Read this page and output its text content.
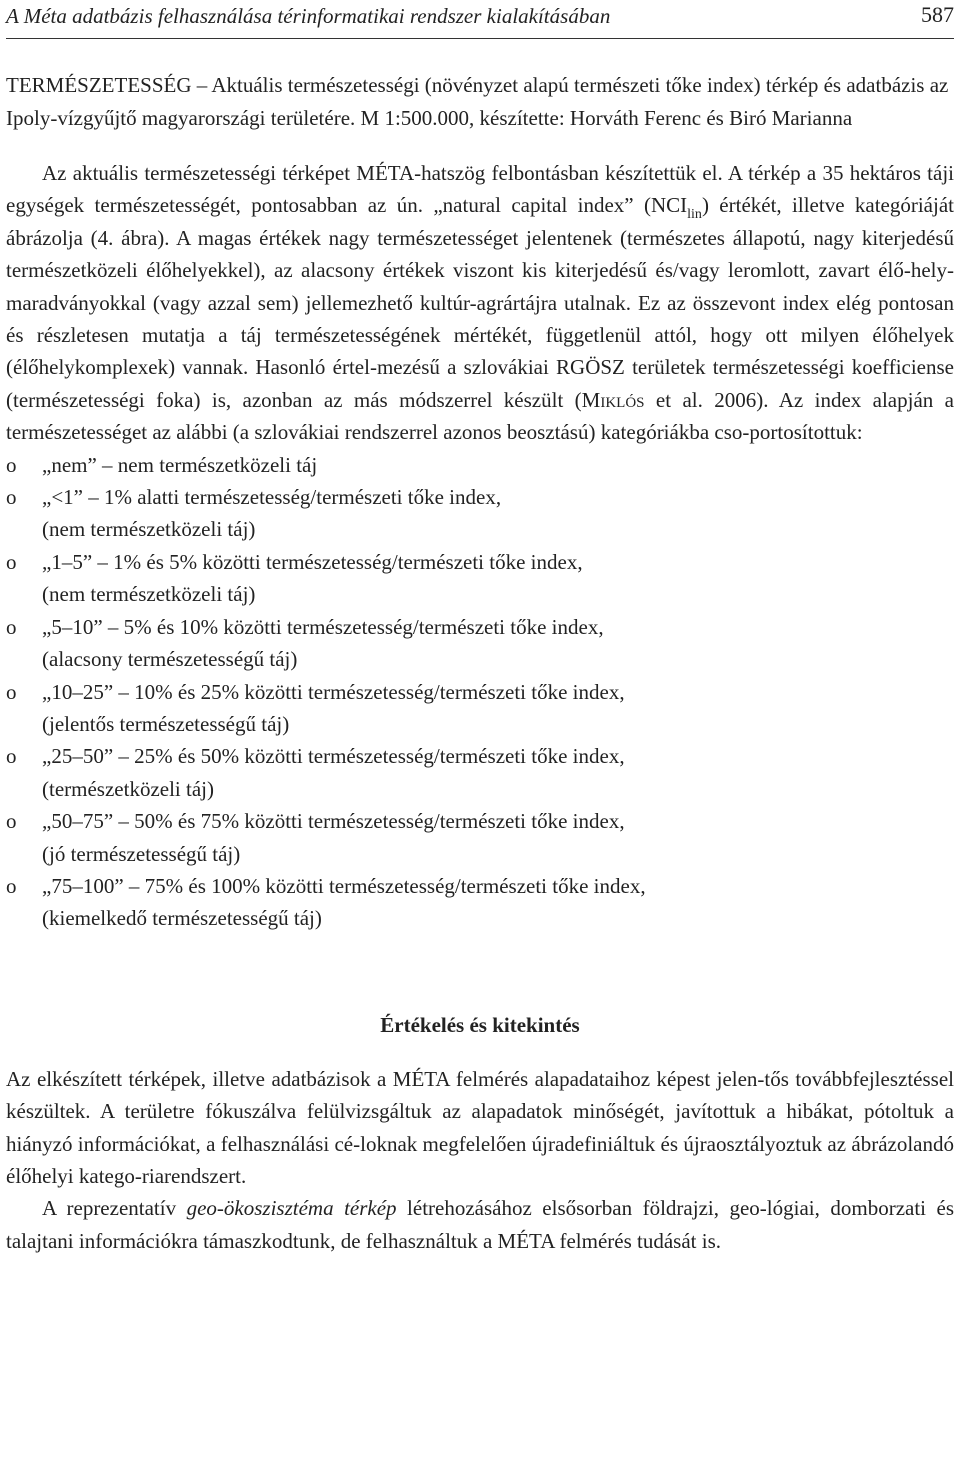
A Méta adatbázis felhasználása térinformatikai rendszer kialakításában	587
TERMÉSZETESSÉG – Aktuális természetességi (növényzet alapú természeti tőke index) térkép és adatbázis az Ipoly-vízgyűjtő magyarországi területére. M 1:500.000, készítette: Horváth Ferenc és Biró Marianna

Az aktuális természetességi térképet MÉTA-hatszög felbontásban készítettük el. A térkép a 35 hektáros táji egységek természetességét, pontosabban az ún. „natural capital index” $(NCI_{lin})$ értékét, illetve kategóriáját ábrázolja (4. ábra). A magas értékek nagy természetességet jelentenek (természetes állapotú, nagy kiterjedésű természetközeli élőhelyekkel), az alacsony értékek viszont kis kiterjedésű és/vagy leromlott, zavart élő-hely-maradványokkal (vagy azzal sem) jellemezhető kultúr-agrártájra utalnak. Ez az összevont index elég pontosan és részletesen mutatja a táj természetességének mértékét, függetlenül attól, hogy ott milyen élőhelyek (élőhelykomplexek) vannak. Hasonló értel-mezésű a szlovákiai RGÖSZ területek természetességi koefficiense (természetességi foka) is, azonban az más módszerrel készült (Miklós et al. 2006). Az index alapján a természetességet az alábbi (a szlovákiai rendszerrel azonos beosztású) kategóriákba cso-portosítottuk:

o „nem” – nem természetközeli táj
o „<1” – 1% alatti természetesség/természeti tőke index,
(nem természetközeli táj)
o „1–5” – 1% és 5% közötti természetesség/természeti tőke index,
(nem természetközeli táj)
o „5–10” – 5% és 10% közötti természetesség/természeti tőke index,
(alacsony természetességű táj)
o „10–25” – 10% és 25% közötti természetesség/természeti tőke index,
(jelentős természetességű táj)
o „25–50” – 25% és 50% közötti természetesség/természeti tőke index,
(természetközeli táj)
o „50–75” – 50% és 75% közötti természetesség/természeti tőke index,
(jó természetességű táj)
o „75–100” – 75% és 100% közötti természetesség/természeti tőke index,
(kiemelkedő természetességű táj)
Értékelés és kitekintés

Az elkészített térképek, illetve adatbázisok a MÉTA felmérés alapadataihoz képest jelen-tős továbbfejlesztéssel készültek. A területre fókuszálva felülvizsgáltuk az alapadatok minőségét, javítottuk a hibákat, pótoltuk a hiányzó információkat, a felhasználási cé-loknak megfelelően újradefiniáltuk és újraosztályoztuk az ábrázolandó élőhelyi katego-riarendszert.

A reprezentatív geo-ökoszisztéma térkép létrehozásához elsősorban földrajzi, geo-lógiai, domborzati és talajtani információkra támaszkodtunk, de felhasználtuk a MÉTA felmérés tudását is.
